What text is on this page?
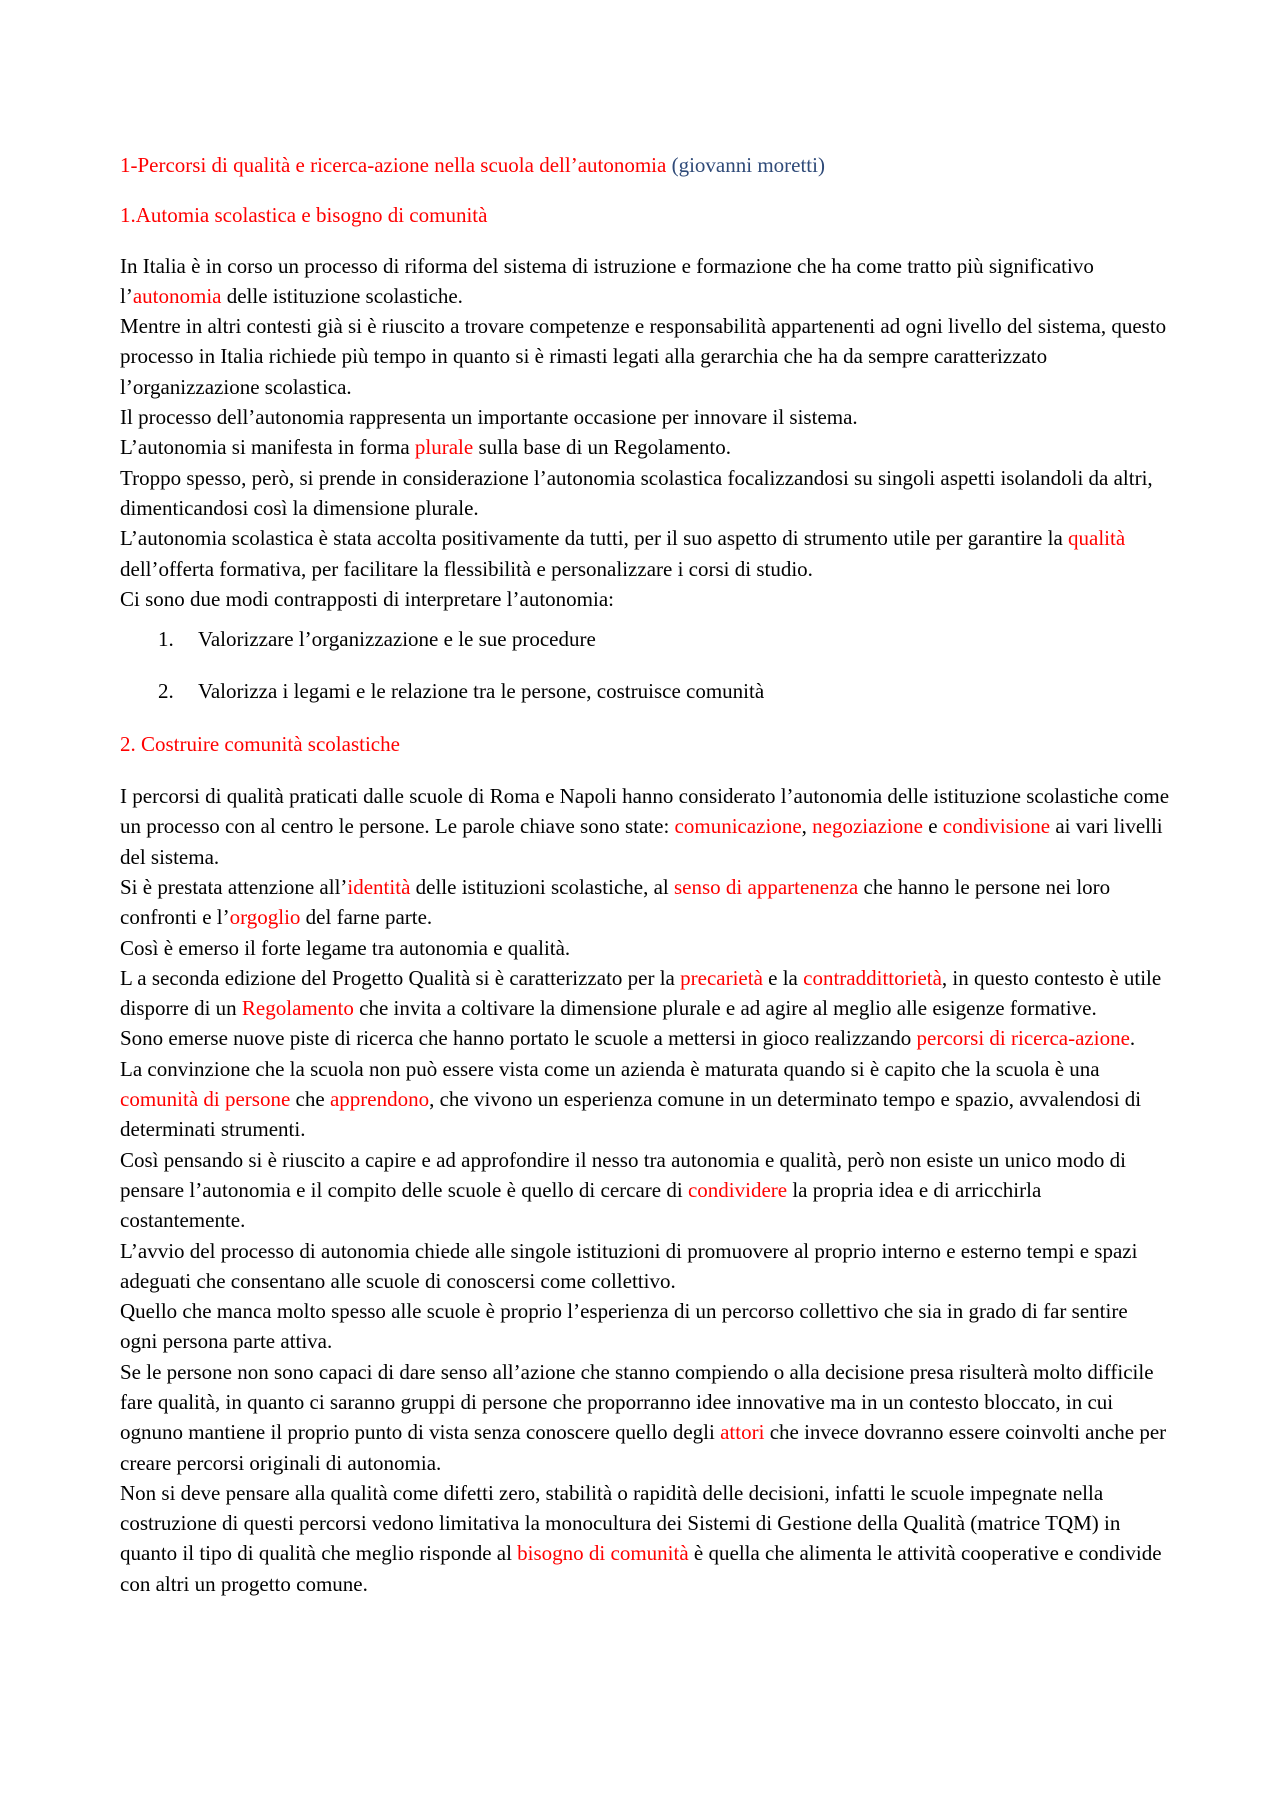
1-Percorsi di qualità e ricerca-azione nella scuola dell’autonomia (giovanni moretti)
1.Automia scolastica e bisogno di comunità

In Italia è in corso un processo di riforma del sistema di istruzione e formazione che ha come tratto più significativo l’autonomia delle istituzione scolastiche.

Mentre in altri contesti già si è riuscito a trovare competenze e responsabilità appartenenti ad ogni livello del sistema, questo processo in Italia richiede più tempo in quanto si è rimasti legati alla gerarchia che ha da sempre caratterizzato l’organizzazione scolastica.

Il processo dell’autonomia rappresenta un importante occasione per innovare il sistema.

L’autonomia si manifesta in forma plurale sulla base di un Regolamento.

Troppo spesso, però, si prende in considerazione l’autonomia scolastica focalizzandosi su singoli aspetti isolandoli da altri, dimenticandosi così la dimensione plurale.

L’autonomia scolastica è stata accolta positivamente da tutti, per il suo aspetto di strumento utile per garantire la qualità dell’offerta formativa, per facilitare la flessibilità e personalizzare i corsi di studio.

Ci sono due modi contrapposti di interpretare l’autonomia:

1. Valorizzare l’organizzazione e le sue procedure
2. Valorizza i legami e le relazione tra le persone, costruisce comunità
2. Costruire comunità scolastiche

I percorsi di qualità praticati dalle scuole di Roma e Napoli hanno considerato l’autonomia delle istituzione scolastiche come un processo con al centro le persone. Le parole chiave sono state: comunicazione, negoziazione e condivisione ai vari livelli del sistema.

Si è prestata attenzione all’identità delle istituzioni scolastiche, al senso di appartenenza che hanno le persone nei loro confronti e l’orgoglio del farne parte.

Così è emerso il forte legame tra autonomia e qualità.

L a seconda edizione del Progetto Qualità si è caratterizzato per la precarietà e la contraddittorietà, in questo contesto è utile disporre di un Regolamento che invita a coltivare la dimensione plurale e ad agire al meglio alle esigenze formative.

Sono emerse nuove piste di ricerca che hanno portato le scuole a mettersi in gioco realizzando percorsi di ricerca-azione.

La convinzione che la scuola non può essere vista come un azienda è maturata quando si è capito che la scuola è una comunità di persone che apprendono, che vivono un esperienza comune in un determinato tempo e spazio, avvalendosi di determinati strumenti.

Così pensando si è riuscito a capire e ad approfondire il nesso tra autonomia e qualità, però non esiste un unico modo di pensare l’autonomia e il compito delle scuole è quello di cercare di condividere la propria idea e di arricchirla costantemente.

L’avvio del processo di autonomia chiede alle singole istituzioni di promuovere al proprio interno e esterno tempi e spazi adeguati che consentano alle scuole di conoscersi come collettivo.

Quello che manca molto spesso alle scuole è proprio l’esperienza di un percorso collettivo che sia in grado di far sentire ogni persona parte attiva.

Se le persone non sono capaci di dare senso all’azione che stanno compiendo o alla decisione presa risulterà molto difficile fare qualità, in quanto ci saranno gruppi di persone che proporranno idee innovative ma in un contesto bloccato, in cui ognuno mantiene il proprio punto di vista senza conoscere quello degli attori che invece dovranno essere coinvolti anche per creare percorsi originali di autonomia.

Non si deve pensare alla qualità come difetti zero, stabilità o rapidità delle decisioni, infatti le scuole impegnate nella costruzione di questi percorsi vedono limitativa la monocultura dei Sistemi di Gestione della Qualità (matrice TQM) in quanto il tipo di qualità che meglio risponde al bisogno di comunità è quella che alimenta le attività cooperative e condivide con altri un progetto comune.
